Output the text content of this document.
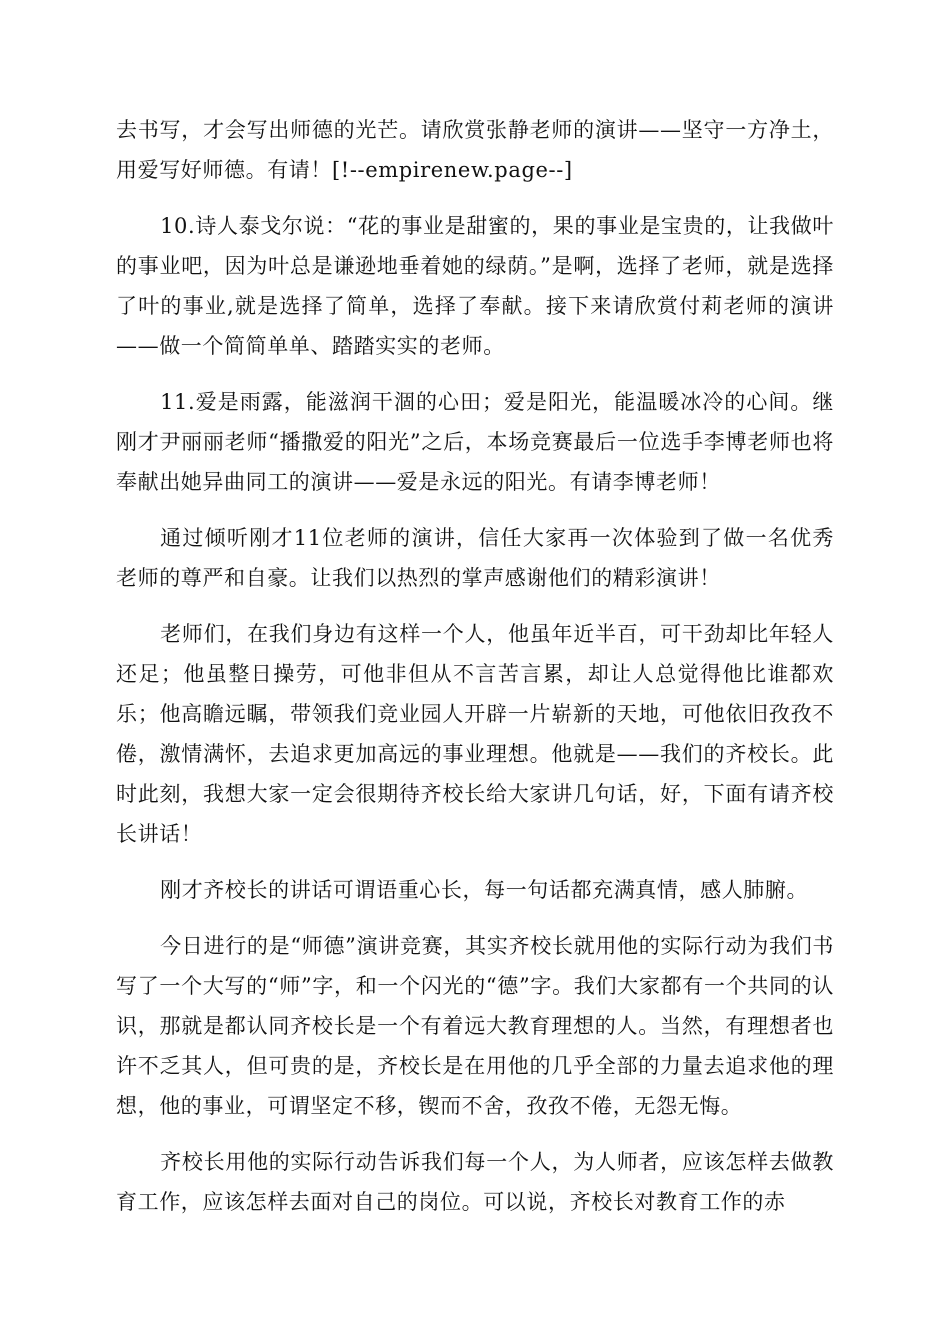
去书写，才会写出师德的光芒。请欣赏张静老师的演讲——坚守一方净土，用爱写好师德。有请！[!--empirenew.page--]

10.诗人泰戈尔说：“花的事业是甜蜜的，果的事业是宝贵的，让我做叶的事业吧，因为叶总是谦逊地垂着她的绿荫。”是啊，选择了老师，就是选择了叶的事业,就是选择了简单，选择了奉献。接下来请欣赏付莉老师的演讲——做一个简简单单、踏踏实实的老师。

11.爱是雨露，能滋润干涸的心田；爱是阳光，能温暖冰冷的心间。继刚才尹丽丽老师“播撒爱的阳光”之后，本场竞赛最后一位选手李博老师也将奉献出她异曲同工的演讲——爱是永远的阳光。有请李博老师！

通过倾听刚才11位老师的演讲，信任大家再一次体验到了做一名优秀老师的尊严和自豪。让我们以热烈的掌声感谢他们的精彩演讲！

老师们，在我们身边有这样一个人，他虽年近半百，可干劲却比年轻人还足；他虽整日操劳，可他非但从不言苦言累，却让人总觉得他比谁都欢乐；他高瞻远瞩，带领我们竞业园人开辟一片崭新的天地，可他依旧孜孜不倦，激情满怀，去追求更加高远的事业理想。他就是——我们的齐校长。此时此刻，我想大家一定会很期待齐校长给大家讲几句话，好，下面有请齐校长讲话！

刚才齐校长的讲话可谓语重心长，每一句话都充满真情，感人肺腑。

今日进行的是“师德”演讲竞赛，其实齐校长就用他的实际行动为我们书写了一个大写的“师”字，和一个闪光的“德”字。我们大家都有一个共同的认识，那就是都认同齐校长是一个有着远大教育理想的人。当然，有理想者也许不乏其人，但可贵的是，齐校长是在用他的几乎全部的力量去追求他的理想，他的事业，可谓坚定不移，锲而不舍，孜孜不倦，无怨无悔。

齐校长用他的实际行动告诉我们每一个人，为人师者，应该怎样去做教育工作，应该怎样去面对自己的岗位。可以说，齐校长对教育工作的赤
